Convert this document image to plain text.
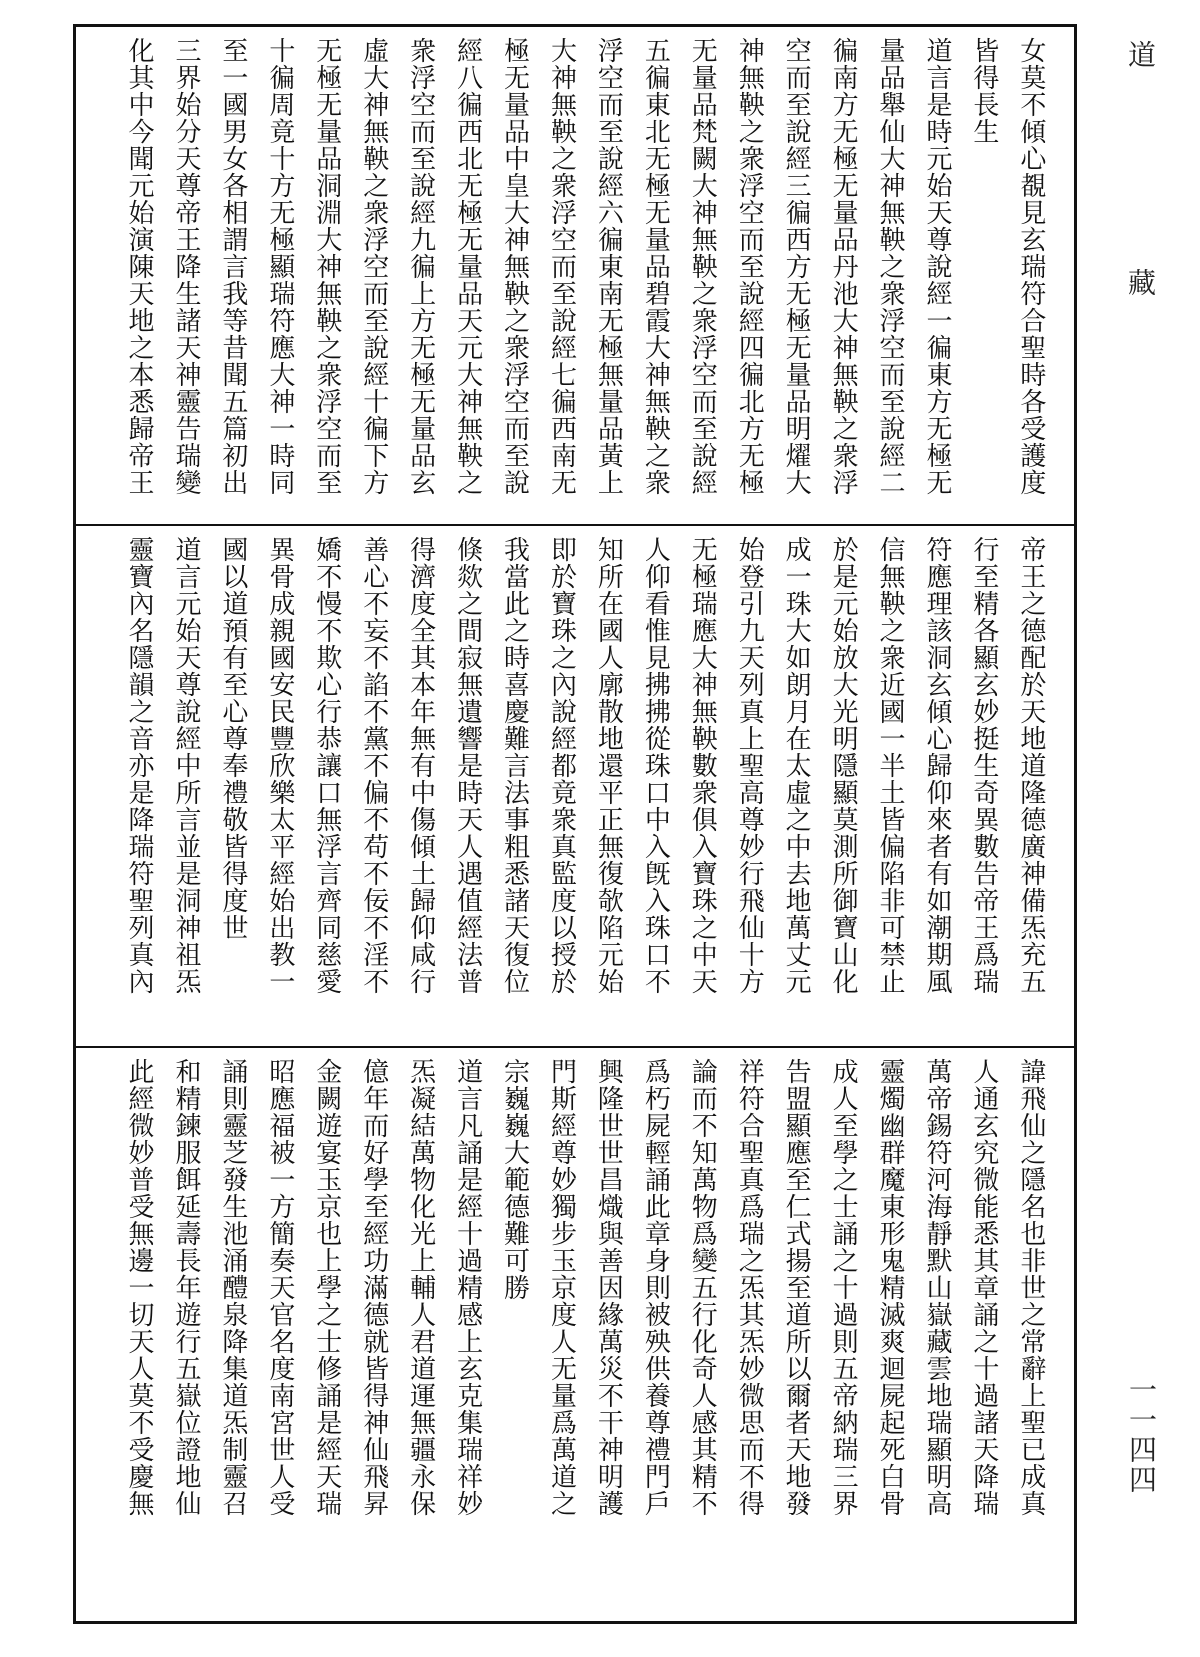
女莫不傾心覩見玄瑞符合聖時各受護度
皆得長生
道言是時元始天尊說經一徧東方无極无
量品舉仙大神無鞅之衆浮空而至說經二
徧南方无極无量品丹池大神無鞅之衆浮
空而至說經三徧西方无極无量品明燿大
神無鞅之衆浮空而至說經四徧北方无極
无量品梵闕大神無鞅之衆浮空而至說經
五徧東北无極无量品碧霞大神無鞅之衆
浮空而至說經六徧東南无極無量品黃上
大神無鞅之衆浮空而至說經七徧西南无
極无量品中皇大神無鞅之衆浮空而至說
經八徧西北无極无量品天元大神無鞅之
衆浮空而至說經九徧上方无極无量品玄
虛大神無鞅之衆浮空而至說經十徧下方
无極无量品洞淵大神無鞅之衆浮空而至
十徧周竟十方无極顯瑞符應大神一時同
至一國男女各相謂言我等昔聞五篇初出
三界始分天尊帝王降生諸天神靈告瑞變
化其中今聞元始演陳天地之本悉歸帝王
帝王之德配於天地道隆德廣神備炁充五
行至精各顯玄妙挺生奇異數告帝王爲瑞
符應理該洞玄傾心歸仰來者有如潮期風
信無鞅之衆近國一半土皆偏陷非可禁止
於是元始放大光明隱顯莫測所御寶山化
成一珠大如朗月在太虛之中去地萬丈元
始登引九天列真上聖高尊妙行飛仙十方
无極瑞應大神無鞅數衆俱入寶珠之中天
人仰看惟見拂拂從珠口中入旣入珠口不
知所在國人廓散地還平正無復欹陷元始
即於寶珠之內說經都竟衆真監度以授於
我當此之時喜慶難言法事粗悉諸天復位
倏欻之間寂無遺響是時天人遇值經法普
得濟度全其本年無有中傷傾土歸仰咸行
善心不妄不諂不黨不偏不苟不佞不淫不
嬌不慢不欺心行恭讓口無浮言齊同慈愛
異骨成親國安民豐欣樂太平經始出教一
國以道預有至心尊奉禮敬皆得度世
道言元始天尊說經中所言並是洞神祖炁
靈寶內名隱韻之音亦是降瑞符聖列真內
諱飛仙之隱名也非世之常辭上聖已成真
人通玄究微能悉其章誦之十過諸天降瑞
萬帝錫符河海靜默山嶽藏雲地瑞顯明高
靈燭幽群魔東形鬼精滅爽迴屍起死白骨
成人至學之士誦之十過則五帝納瑞三界
告盟顯應至仁式揚至道所以爾者天地發
祥符合聖真爲瑞之炁其炁妙微思而不得
論而不知萬物爲變五行化奇人感其精不
爲朽屍輕誦此章身則被殃供養尊禮門戶
興隆世世昌熾與善因緣萬災不干神明護
門斯經尊妙獨步玉京度人无量爲萬道之
宗巍巍大範德難可勝
道言凡誦是經十過精感上玄克集瑞祥妙
炁凝結萬物化光上輔人君道運無疆永保
億年而好學至經功滿德就皆得神仙飛昇
金闕遊宴玉京也上學之士修誦是經天瑞
昭應福被一方簡奏天官名度南宮世人受
誦則靈芝發生池涌醴泉降集道炁制靈召
和精鍊服餌延壽長年遊行五嶽位證地仙
此經微妙普受無邊一切天人莫不受慶無
道藏
一一四四
